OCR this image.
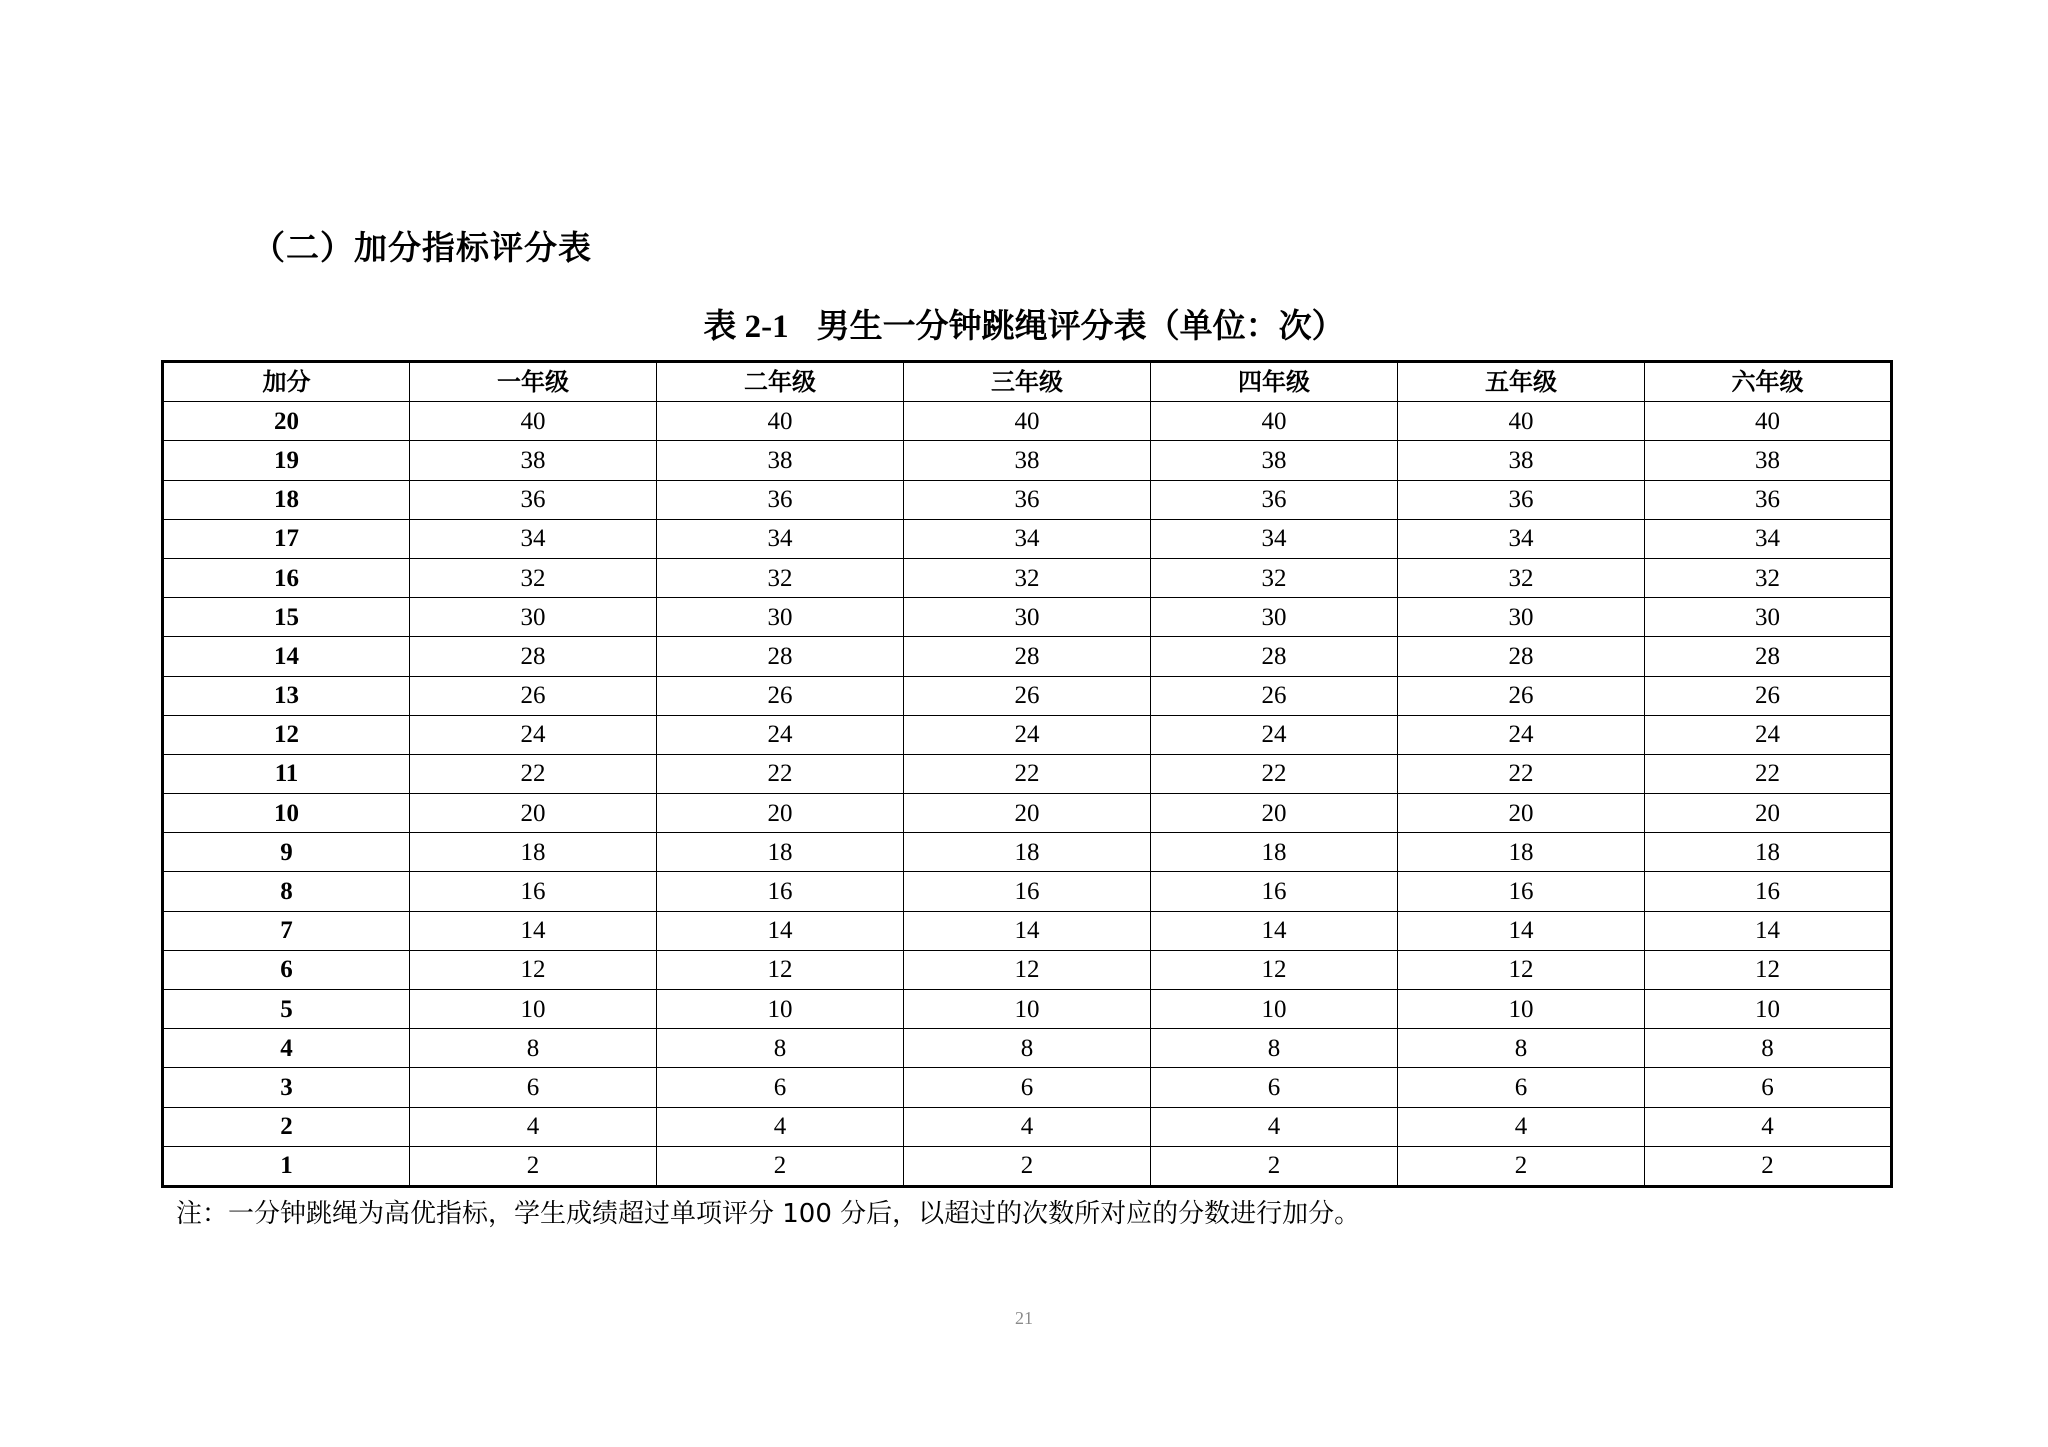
（二）加分指标评分表
表 2-1 男生一分钟跳绳评分表（单位：次）
加分	一年级	二年级	三年级	四年级	五年级	六年级
20	40	40	40	40	40	40
19	38	38	38	38	38	38
18	36	36	36	36	36	36
17	34	34	34	34	34	34
16	32	32	32	32	32	32
15	30	30	30	30	30	30
14	28	28	28	28	28	28
13	26	26	26	26	26	26
12	24	24	24	24	24	24
11	22	22	22	22	22	22
10	20	20	20	20	20	20
9	18	18	18	18	18	18
8	16	16	16	16	16	16
7	14	14	14	14	14	14
6	12	12	12	12	12	12
5	10	10	10	10	10	10
4	8	8	8	8	8	8
3	6	6	6	6	6	6
2	4	4	4	4	4	4
1	2	2	2	2	2	2
注：一分钟跳绳为高优指标，学生成绩超过单项评分 100 分后，以超过的次数所对应的分数进行加分。
21
